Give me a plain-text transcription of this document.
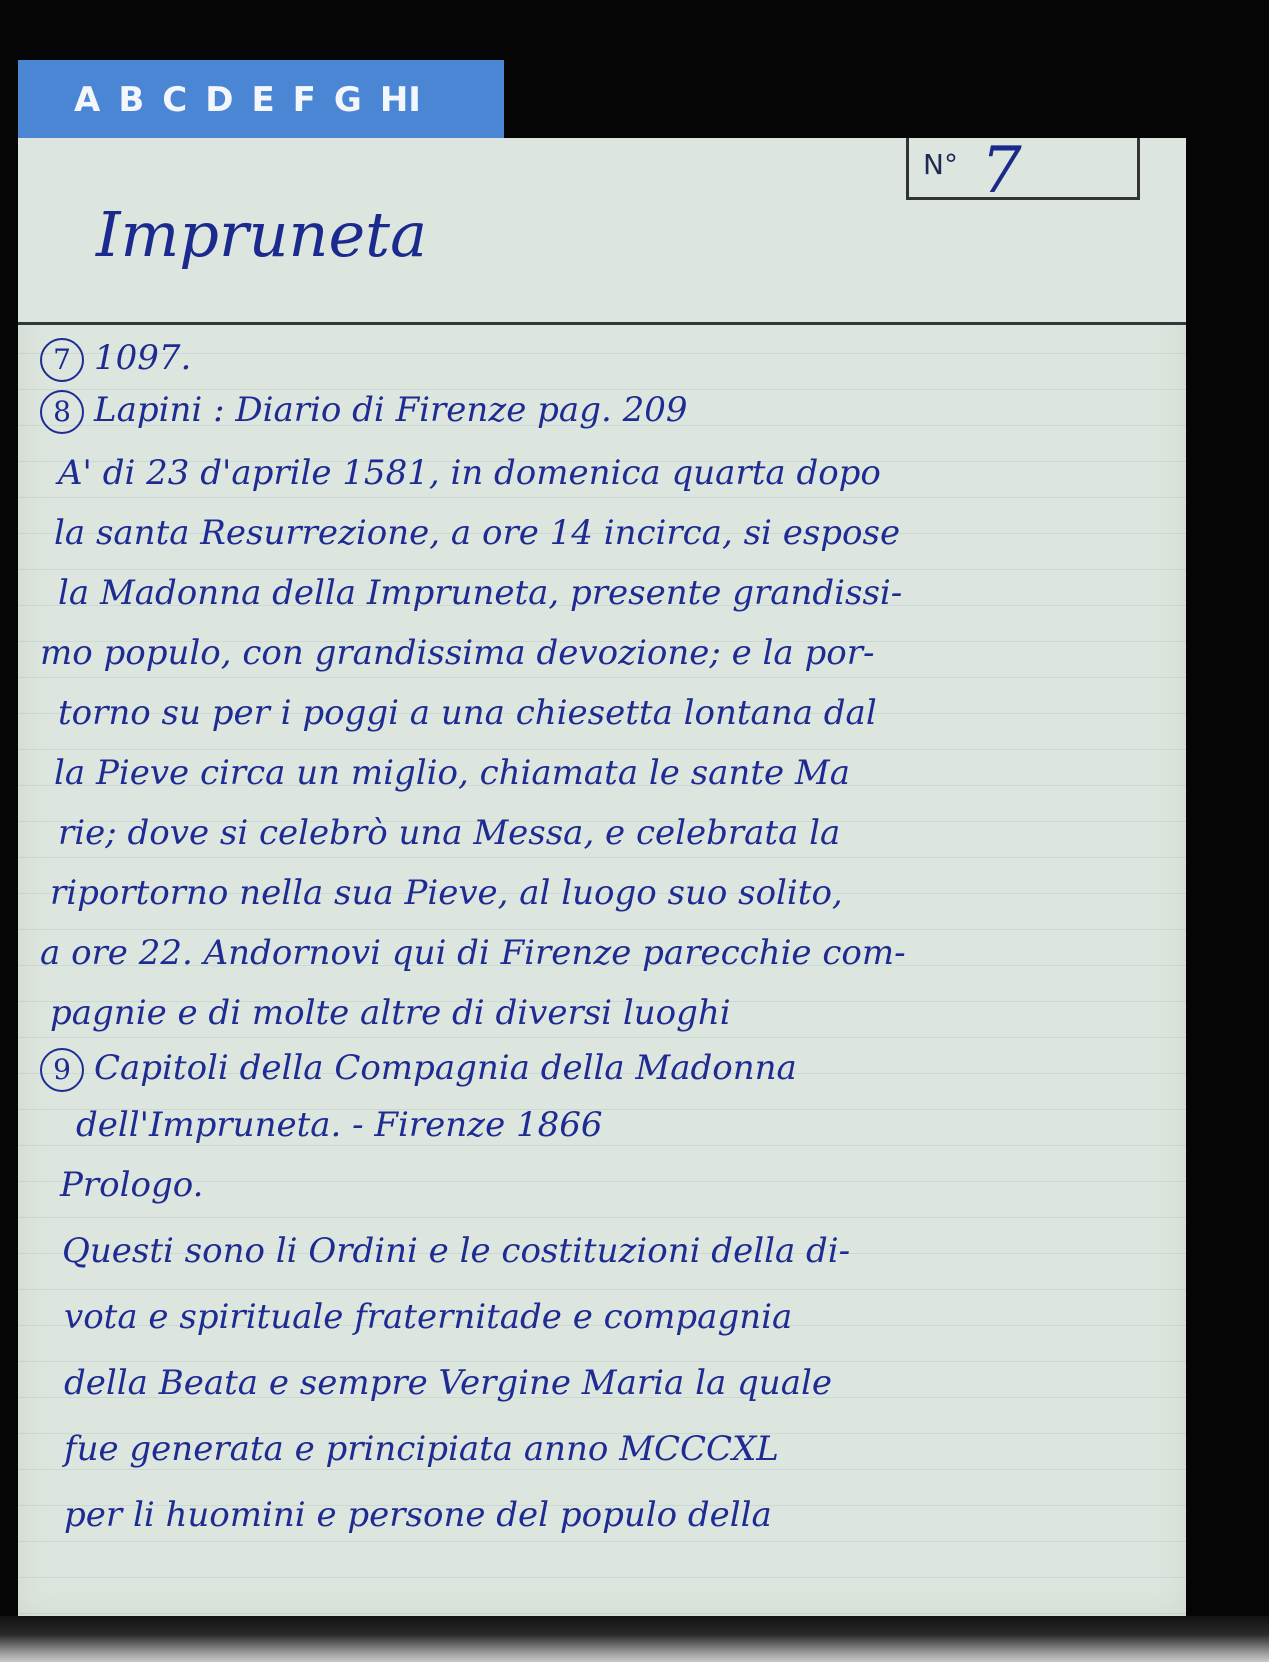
A B C D E F G HI
N° 7
Impruneta
7 1097.
8 Lapini : Diario di Firenze pag. 209
A' di 23 d'aprile 1581, in domenica quarta dopo
la santa Resurrezione, a ore 14 incirca, si espose
la Madonna della Impruneta, presente grandissi-
mo populo, con grandissima devozione; e la por-
torno su per i poggi a una chiesetta lontana dal
la Pieve circa un miglio, chiamata le sante Ma
rie; dove si celebrò una Messa, e celebrata la
riportorno nella sua Pieve, al luogo suo solito,
a ore 22. Andornovi qui di Firenze parecchie com-
pagnie e di molte altre di diversi luoghi
9 Capitoli della Compagnia della Madonna
dell'Impruneta. - Firenze 1866
Prologo.
Questi sono li Ordini e le costituzioni della di-
vota e spirituale fraternitade e compagnia
della Beata e sempre Vergine Maria la quale
fue generata e principiata anno MCCCXL
per li huomini e persone del populo della
